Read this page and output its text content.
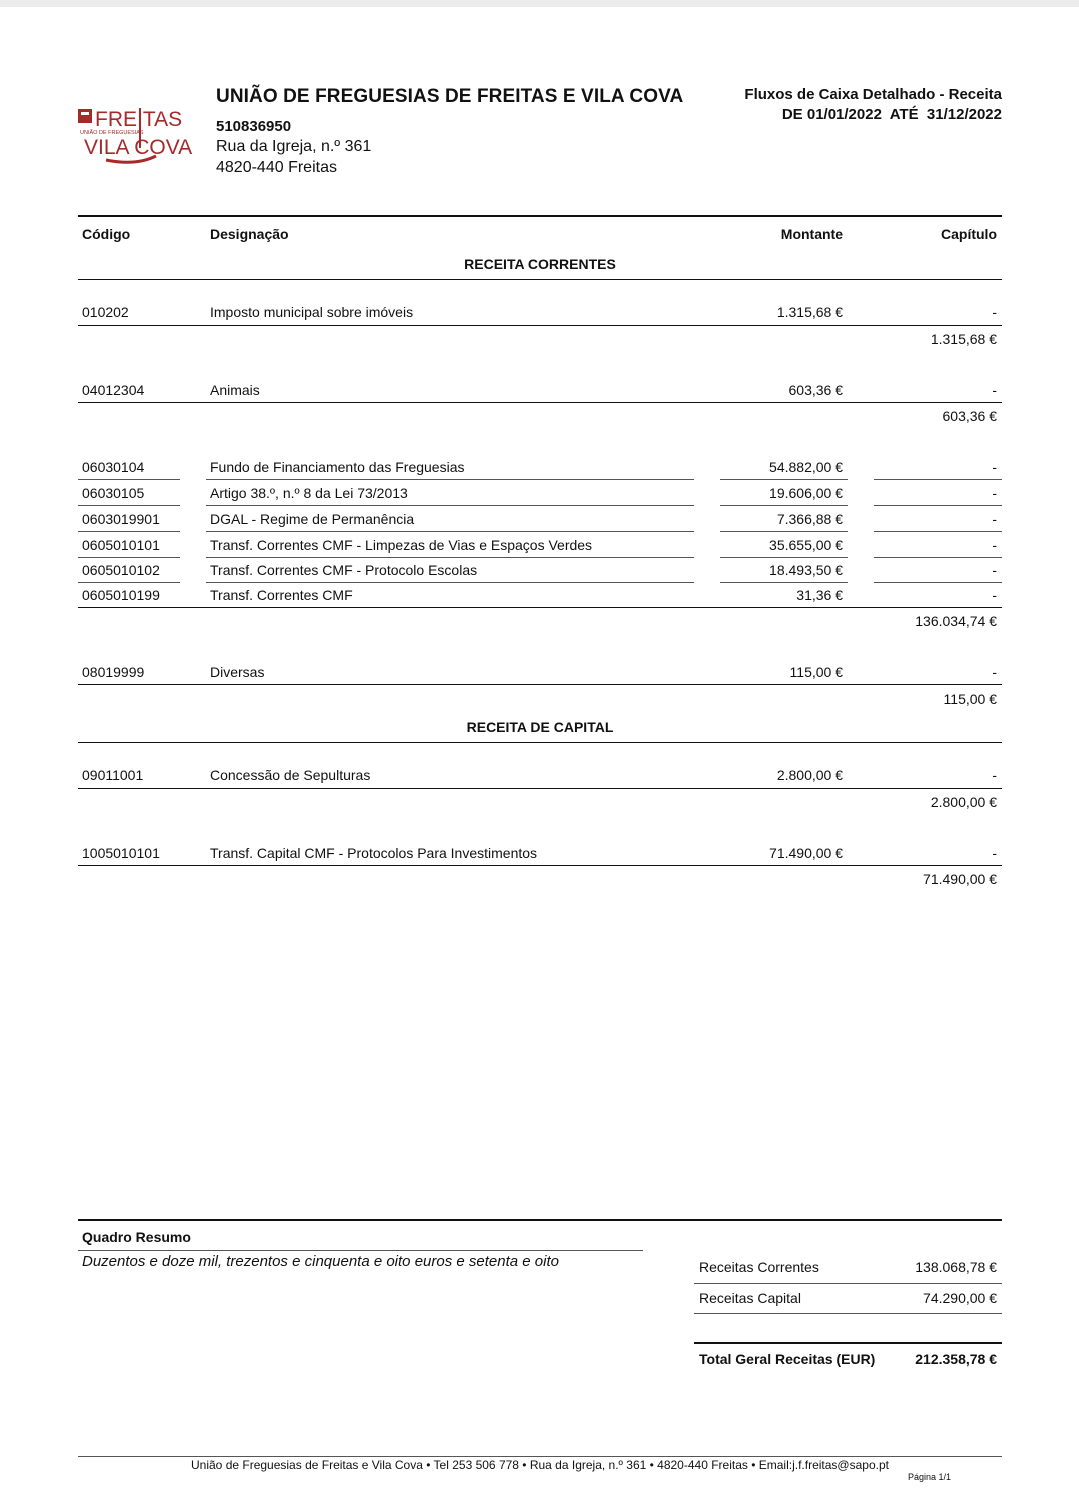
FREITAS
UNIÃO DE FREGUESIAS
VILA COVA
UNIÃO DE FREGUESIAS DE FREITAS E VILA COVA
510836950
Rua da Igreja, n.º 361
4820-440 Freitas
Fluxos de Caixa Detalhado - Receita
DE 01/01/2022  ATÉ  31/12/2022
Código	Designação	Montante	Capítulo
RECEITA CORRENTES
010202	Imposto municipal sobre imóveis	1.315,68 €	-
1.315,68 €
04012304	Animais	603,36 €	-
603,36 €
06030104	Fundo de Financiamento das Freguesias	54.882,00 €	-
06030105	Artigo 38.º, n.º 8 da Lei 73/2013	19.606,00 €	-
0603019901	DGAL - Regime de Permanência	7.366,88 €	-
0605010101	Transf. Correntes CMF - Limpezas de Vias e Espaços Verdes	35.655,00 €	-
0605010102	Transf. Correntes CMF - Protocolo Escolas	18.493,50 €	-
0605010199	Transf. Correntes CMF	31,36 €	-
136.034,74 €
08019999	Diversas	115,00 €	-
115,00 €
RECEITA DE CAPITAL
09011001	Concessão de Sepulturas	2.800,00 €	-
2.800,00 €
1005010101	Transf. Capital CMF - Protocolos Para Investimentos	71.490,00 €	-
71.490,00 €
Quadro Resumo
Duzentos e doze mil, trezentos e cinquenta e oito euros e setenta e oito	Receitas Correntes	138.068,78 €
Receitas Capital	74.290,00 €
Total Geral Receitas (EUR)	212.358,78 €
União de Freguesias de Freitas e Vila Cova • Tel 253 506 778 • Rua da Igreja, n.º 361 • 4820-440 Freitas • Email:j.f.freitas@sapo.pt
Página 1/1
